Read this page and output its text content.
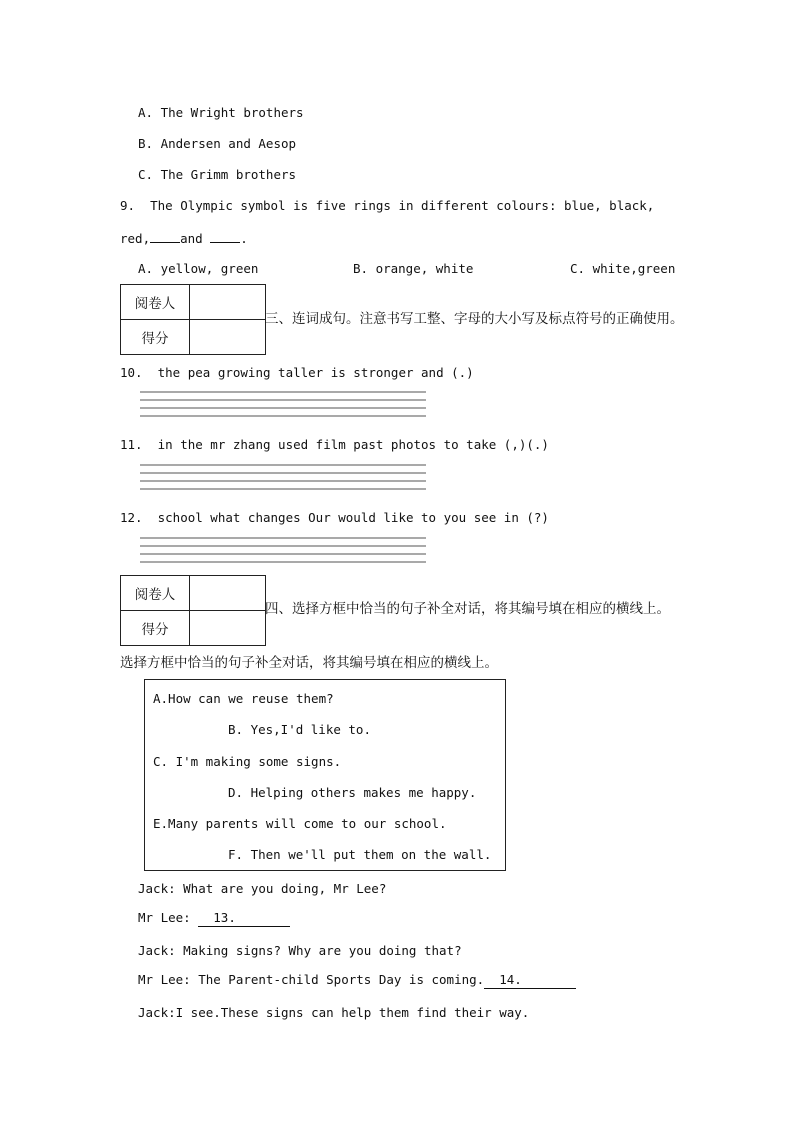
A. The Wright brothers
B. Andersen and Aesop
C. The Grimm brothers
9.  The Olympic symbol is five rings in different colours: blue, black,
red, and	.
A. yellow, green	B. orange, white	C. white,green
阅卷人	
得分	
三、连词成句。注意书写工整、字母的大小写及标点符号的正确使用。
10.  the pea growing taller is stronger and (.)
11.  in the mr zhang used film past photos to take (,)(.)
12.  school what changes Our would like to you see in (?)
阅卷人	
得分	
四、选择方框中恰当的句子补全对话，将其编号填在相应的横线上。
选择方框中恰当的句子补全对话，将其编号填在相应的横线上。
A.How can we reuse them?
B. Yes,I'd like to.
C. I'm making some signs.
D. Helping others makes me happy.
E.Many parents will come to our school.
F. Then we'll put them on the wall.
Jack: What are you doing, Mr Lee?
Mr Lee:   13.
Jack: Making signs? Why are you doing that?
Mr Lee: The Parent-child Sports Day is coming. 14.
Jack:I see.These signs can help them find their way.
